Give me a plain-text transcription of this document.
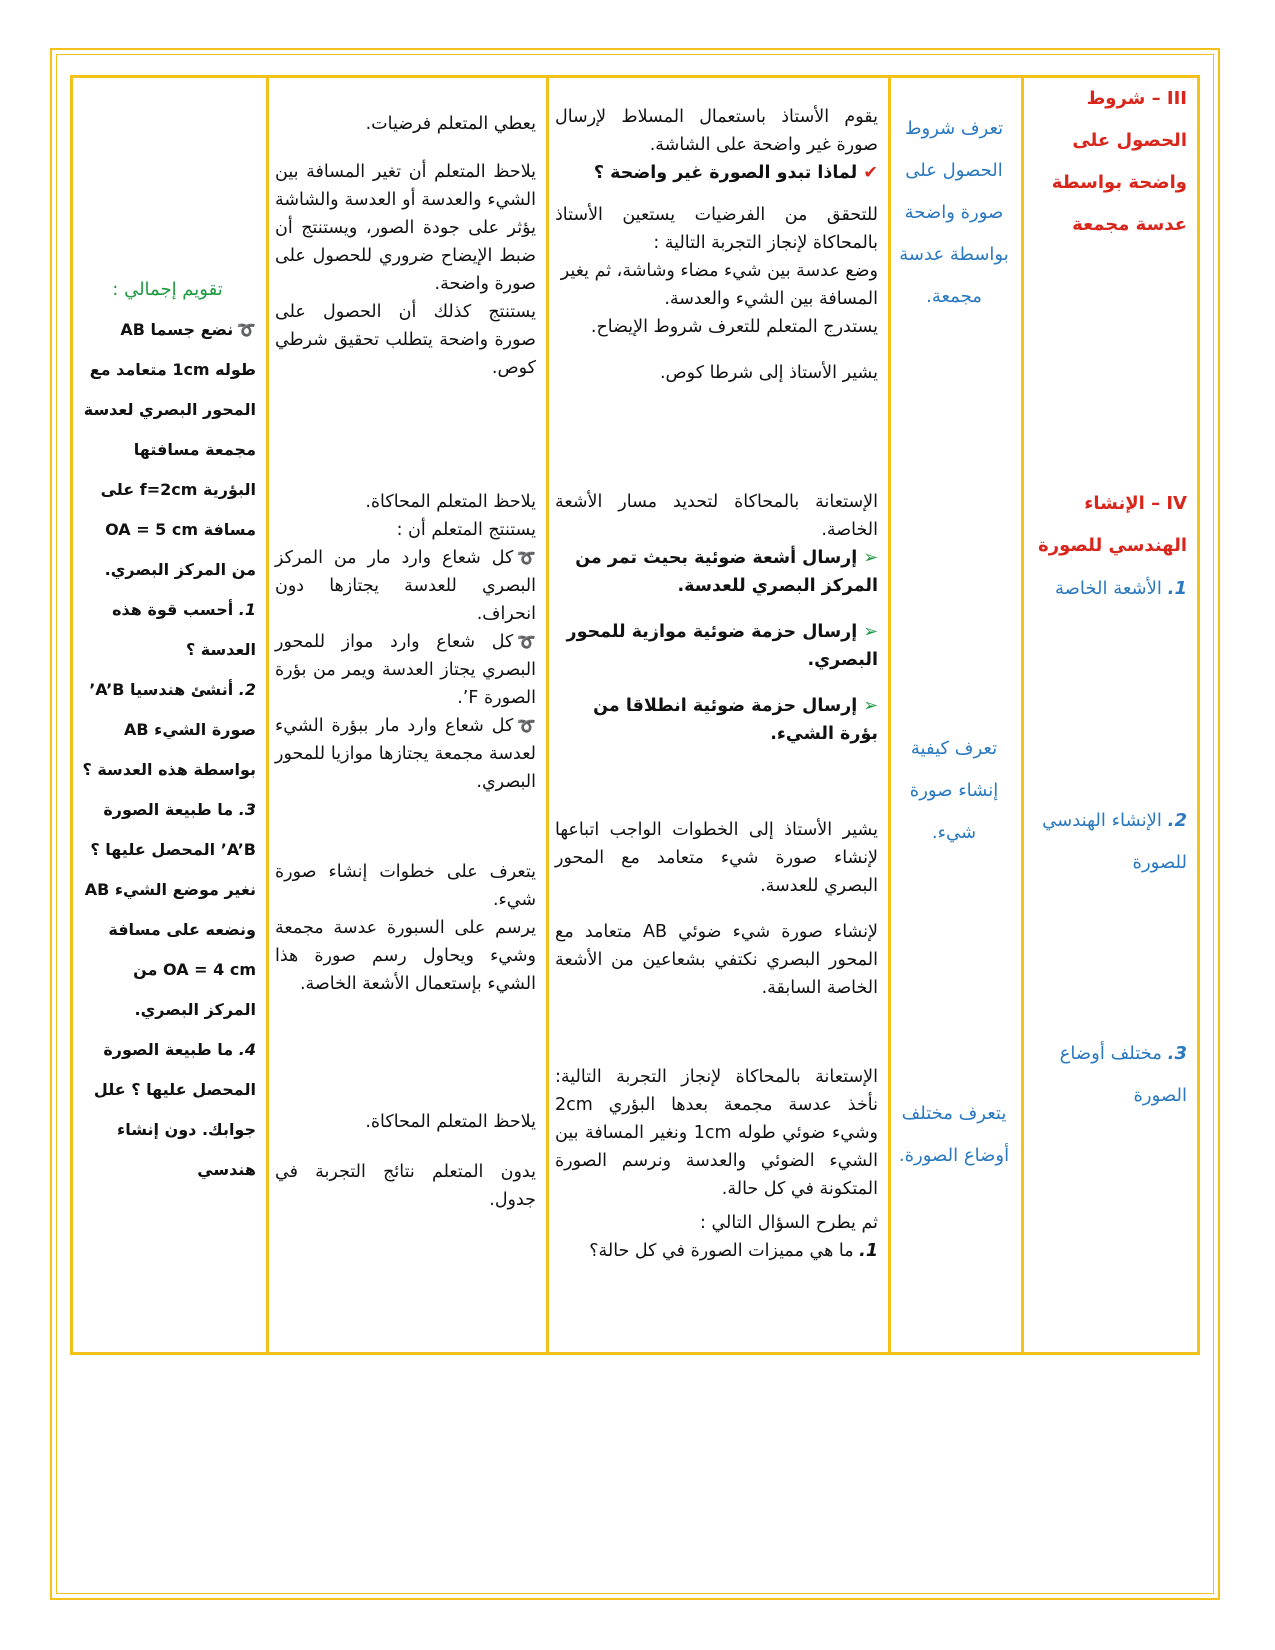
III – شروط الحصول على واضحة بواسطة عدسة مجمعة

IV – الإنشاء الهندسي للصورة

1. الأشعة الخاصة

2. الإنشاء الهندسي للصورة

3. مختلف أوضاع الصورة

تعرف شروط الحصول على صورة واضحة بواسطة عدسة مجمعة.

تعرف كيفية إنشاء صورة شيء.

يتعرف مختلف أوضاع الصورة.

يقوم الأستاذ باستعمال المسلاط لإرسال صورة غير واضحة على الشاشة.

✔ لماذا تبدو الصورة غير واضحة ؟

للتحقق من الفرضيات يستعين الأستاذ بالمحاكاة لإنجاز التجربة التالية :

وضع عدسة بين شيء مضاء وشاشة، ثم يغير المسافة بين الشيء والعدسة.

يستدرج المتعلم للتعرف شروط الإيضاح.

يشير الأستاذ إلى شرطا كوص.

الإستعانة بالمحاكاة لتحديد مسار الأشعة الخاصة.

➢ إرسال أشعة ضوئية بحيث تمر من المركز البصري للعدسة.

➢ إرسال حزمة ضوئية موازية للمحور البصري.

➢ إرسال حزمة ضوئية انطلاقا من بؤرة الشيء.

يشير الأستاذ إلى الخطوات الواجب اتباعها لإنشاء صورة شيء متعامد مع المحور البصري للعدسة.

لإنشاء صورة شيء ضوئي AB متعامد مع المحور البصري نكتفي بشعاعين من الأشعة الخاصة السابقة.

الإستعانة بالمحاكاة لإنجاز التجربة التالية: نأخذ عدسة مجمعة بعدها البؤري 2cm وشيء ضوئي طوله 1cm ونغير المسافة بين الشيء الضوئي والعدسة ونرسم الصورة المتكونة في كل حالة.

ثم يطرح السؤال التالي :

1. ما هي مميزات الصورة في كل حالة؟

يعطي المتعلم فرضيات.

يلاحظ المتعلم أن تغير المسافة بين الشيء والعدسة أو العدسة والشاشة يؤثر على جودة الصور، ويستنتج أن ضبط الإيضاح ضروري للحصول على صورة واضحة.

يستنتج كذلك أن الحصول على صورة واضحة يتطلب تحقيق شرطي كوص.

يلاحظ المتعلم المحاكاة.

يستنتج المتعلم أن :

➰كل شعاع وارد مار من المركز البصري للعدسة يجتازها دون انحراف.

➰كل شعاع وارد مواز للمحور البصري يجتاز العدسة ويمر من بؤرة الصورة F’.

➰كل شعاع وارد مار ببؤرة الشيء لعدسة مجمعة يجتازها موازيا للمحور البصري.

يتعرف على خطوات إنشاء صورة شيء.

يرسم على السبورة عدسة مجمعة وشيء ويحاول رسم صورة هذا الشيء بإستعمال الأشعة الخاصة.

يلاحظ المتعلم المحاكاة.

يدون المتعلم نتائج التجربة في جدول.

تقويم إجمالي :

➰نضع جسما AB طوله 1cm متعامد مع المحور البصري لعدسة مجمعة مسافتها البؤرية f=2cm على مسافة OA = 5 cm من المركز البصري.

1. أحسب قوة هذه العدسة ؟

2. أنشئ هندسيا A’B’ صورة الشيء AB بواسطة هذه العدسة ؟

3. ما طبيعة الصورة A’B’ المحصل عليها ؟

نغير موضع الشيء AB ونضعه على مسافة OA = 4 cm من المركز البصري.

4. ما طبيعة الصورة المحصل عليها ؟ علل جوابك. دون إنشاء هندسي
